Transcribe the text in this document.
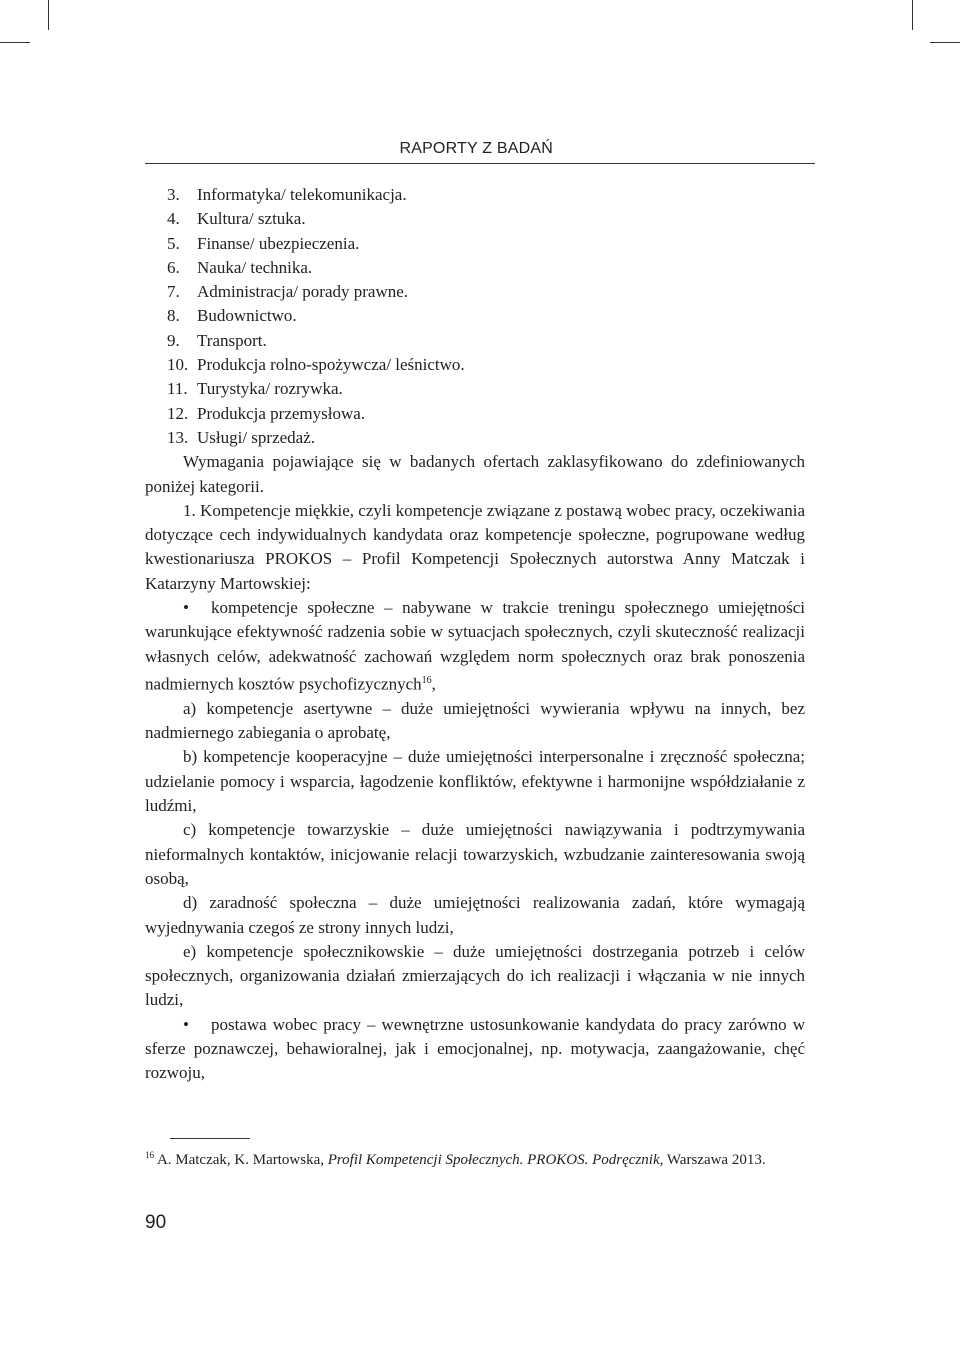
RAPORTY Z BADAŃ
3. Informatyka/ telekomunikacja.
4. Kultura/ sztuka.
5. Finanse/ ubezpieczenia.
6. Nauka/ technika.
7. Administracja/ porady prawne.
8. Budownictwo.
9. Transport.
10. Produkcja rolno-spożywcza/ leśnictwo.
11. Turystyka/ rozrywka.
12. Produkcja przemysłowa.
13. Usługi/ sprzedaż.

Wymagania pojawiające się w badanych ofertach zaklasyfikowano do zdefiniowanych poniżej kategorii.

1. Kompetencje miękkie, czyli kompetencje związane z postawą wobec pracy, oczekiwania dotyczące cech indywidualnych kandydata oraz kompetencje społeczne, pogrupowane według kwestionariusza PROKOS – Profil Kompetencji Społecznych autorstwa Anny Matczak i Katarzyny Martowskiej:

• kompetencje społeczne – nabywane w trakcie treningu społecznego umiejętności warunkujące efektywność radzenia sobie w sytuacjach społecznych, czyli skuteczność realizacji własnych celów, adekwatność zachowań względem norm społecznych oraz brak ponoszenia nadmiernych kosztów psychofizycznych$^{16}$,

a) kompetencje asertywne – duże umiejętności wywierania wpływu na innych, bez nadmiernego zabiegania o aprobatę,

b) kompetencje kooperacyjne – duże umiejętności interpersonalne i zręczność społeczna; udzielanie pomocy i wsparcia, łagodzenie konfliktów, efektywne i harmonijne współdziałanie z ludźmi,

c) kompetencje towarzyskie – duże umiejętności nawiązywania i podtrzymywania nieformalnych kontaktów, inicjowanie relacji towarzyskich, wzbudzanie zainteresowania swoją osobą,

d) zaradność społeczna – duże umiejętności realizowania zadań, które wymagają wyjednywania czegoś ze strony innych ludzi,

e) kompetencje społecznikowskie – duże umiejętności dostrzegania potrzeb i celów społecznych, organizowania działań zmierzających do ich realizacji i włączania w nie innych ludzi,

• postawa wobec pracy – wewnętrzne ustosunkowanie kandydata do pracy zarówno w sferze poznawczej, behawioralnej, jak i emocjonalnej, np. motywacja, zaangażowanie, chęć rozwoju,

$^{16}$ A. Matczak, K. Martowska, Profil Kompetencji Społecznych. PROKOS. Podręcznik, Warszawa 2013.
90
